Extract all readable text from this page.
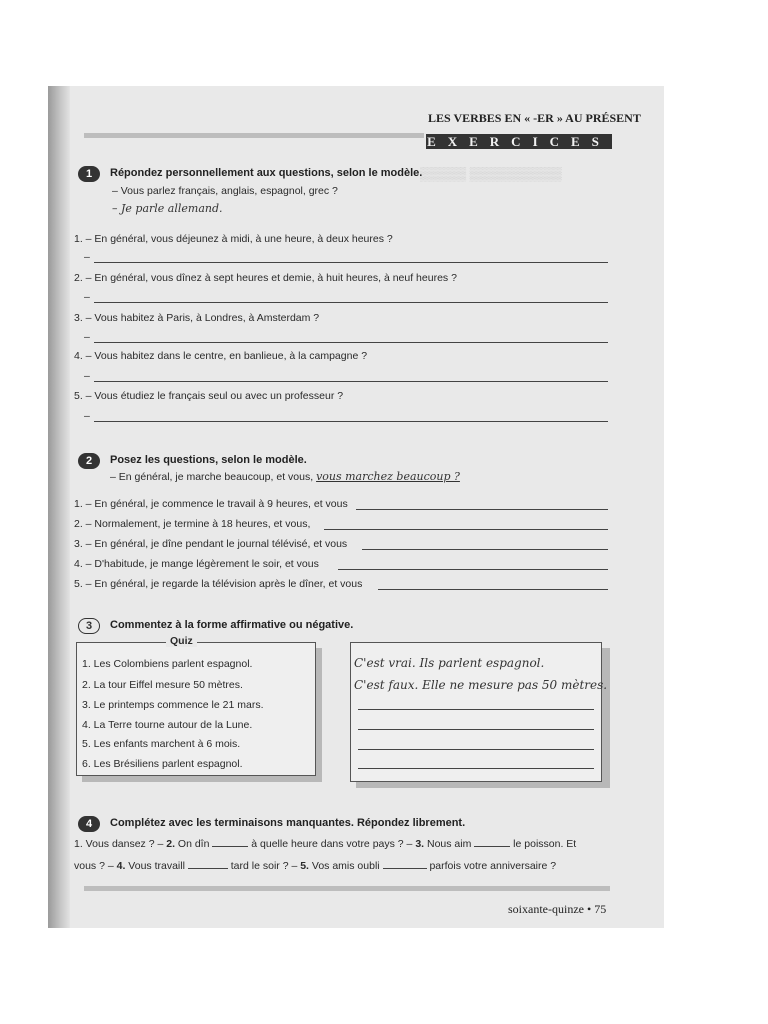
▒▒▒▒▒ ▒▒▒▒▒▒▒▒▒▒
LES VERBES EN « -ER » AU PRÉSENT
EXERCICES
1	Répondez personnellement aux questions, selon le modèle.
– Vous parlez français, anglais, espagnol, grec ?
– Je parle allemand.
1. – En général, vous déjeunez à midi, à une heure, à deux heures ?
–
2. – En général, vous dînez à sept heures et demie, à huit heures, à neuf heures ?
–
3. – Vous habitez à Paris, à Londres, à Amsterdam ?
–
4. – Vous habitez dans le centre, en banlieue, à la campagne ?
–
5. – Vous étudiez le français seul ou avec un professeur ?
–
2	Posez les questions, selon le modèle.
– En général, je marche beaucoup, et vous, vous marchez beaucoup ?
1. – En général, je commence le travail à 9 heures, et vous
2. – Normalement, je termine à 18 heures, et vous,
3. – En général, je dîne pendant le journal télévisé, et vous
4. – D'habitude, je mange légèrement le soir, et vous
5. – En général, je regarde la télévision après le dîner, et vous
3	Commentez à la forme affirmative ou négative.
Quiz
1. Les Colombiens parlent espagnol.
2. La tour Eiffel mesure 50 mètres.
3. Le printemps commence le 21 mars.
4. La Terre tourne autour de la Lune.
5. Les enfants marchent à 6 mois.
6. Les Brésiliens parlent espagnol.
C'est vrai. Ils parlent espagnol.
C'est faux. Elle ne mesure pas 50 mètres.
4	Complétez avec les terminaisons manquantes. Répondez librement.
1. Vous dansez ? – 2. On dîn	à quelle heure dans votre pays ? – 3. Nous aim	le poisson. Et
vous ? – 4. Vous travaill	tard le soir ? – 5. Vos amis oubli	parfois votre anniversaire ?
soixante-quinze • 75
